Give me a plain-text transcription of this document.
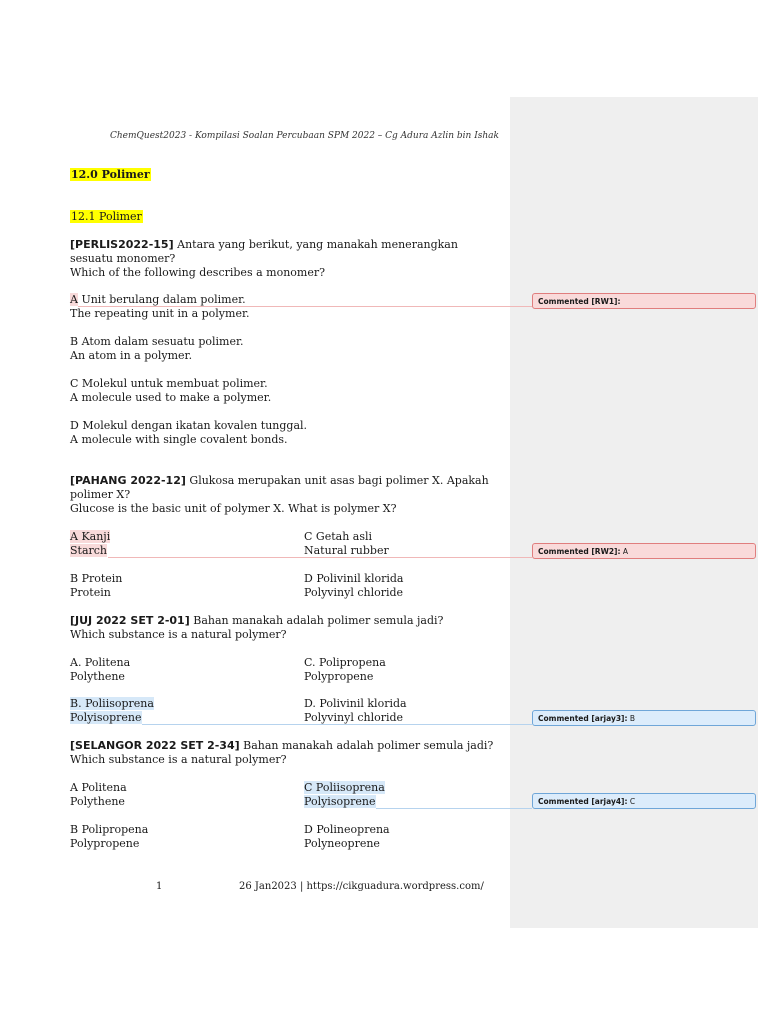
ChemQuest2023 - Kompilasi Soalan Percubaan SPM 2022 – Cg Adura Azlin bin Ishak
12.0 Polimer
12.1 Polimer
[PERLIS2022-15] Antara yang berikut, yang manakah menerangkan
sesuatu monomer?
Which of the following describes a monomer?
A Unit berulang dalam polimer.
The repeating unit in a polymer.
B Atom dalam sesuatu polimer.
An atom in a polymer.
C Molekul untuk membuat polimer.
A molecule used to make a polymer.
D Molekul dengan ikatan kovalen tunggal.
A molecule with single covalent bonds.
[PAHANG 2022-12] Glukosa merupakan unit asas bagi polimer X. Apakah
polimer X?
Glucose is the basic unit of polymer X. What is polymer X?
A Kanji
Starch
C Getah asli
Natural rubber
B Protein
Protein
D Polivinil klorida
Polyvinyl chloride
[JUJ 2022 SET 2-01] Bahan manakah adalah polimer semula jadi?
Which substance is a natural polymer?
A. Politena
Polythene
C. Polipropena
Polypropene
B. Poliisoprena
Polyisoprene
D. Polivinil klorida
Polyvinyl chloride
[SELANGOR 2022 SET 2-34] Bahan manakah adalah polimer semula jadi?
Which substance is a natural polymer?
A Politena
Polythene
C Poliisoprena
Polyisoprene
B Polipropena
Polypropene
D Polineoprena
Polyneoprene
Commented [RW1]:
Commented [RW2]: A
Commented [arjay3]: B
Commented [arjay4]: C
1	26 Jan2023 | https://cikguadura.wordpress.com/
